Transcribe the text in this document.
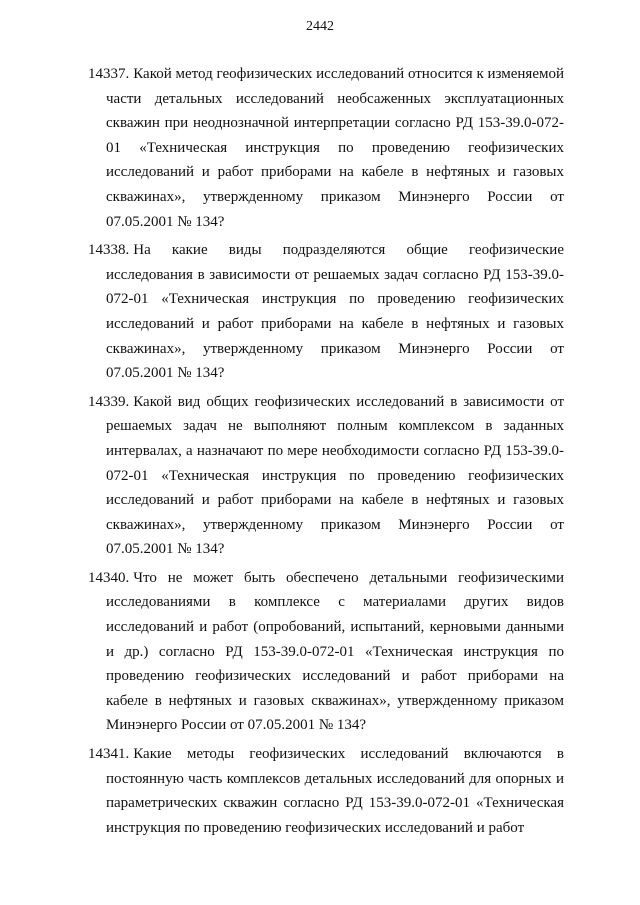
2442

14337. Какой метод геофизических исследований относится к изменяемой части детальных исследований необсаженных эксплуатационных скважин при неоднозначной интерпретации согласно РД 153-39.0-072-01 «Техническая инструкция по проведению геофизических исследований и работ приборами на кабеле в нефтяных и газовых скважинах», утвержденному приказом Минэнерго России от 07.05.2001 № 134?

14338. На какие виды подразделяются общие геофизические исследования в зависимости от решаемых задач согласно РД 153-39.0-072-01 «Техническая инструкция по проведению геофизических исследований и работ приборами на кабеле в нефтяных и газовых скважинах», утвержденному приказом Минэнерго России от 07.05.2001 № 134?

14339. Какой вид общих геофизических исследований в зависимости от решаемых задач не выполняют полным комплексом в заданных интервалах, а назначают по мере необходимости согласно РД 153-39.0-072-01 «Техническая инструкция по проведению геофизических исследований и работ приборами на кабеле в нефтяных и газовых скважинах», утвержденному приказом Минэнерго России от 07.05.2001 № 134?

14340. Что не может быть обеспечено детальными геофизическими исследованиями в комплексе с материалами других видов исследований и работ (опробований, испытаний, керновыми данными и др.) согласно РД 153-39.0-072-01 «Техническая инструкция по проведению геофизических исследований и работ приборами на кабеле в нефтяных и газовых скважинах», утвержденному приказом Минэнерго России от 07.05.2001 № 134?

14341. Какие методы геофизических исследований включаются в постоянную часть комплексов детальных исследований для опорных и параметрических скважин согласно РД 153-39.0-072-01 «Техническая инструкция по проведению геофизических исследований и работ
